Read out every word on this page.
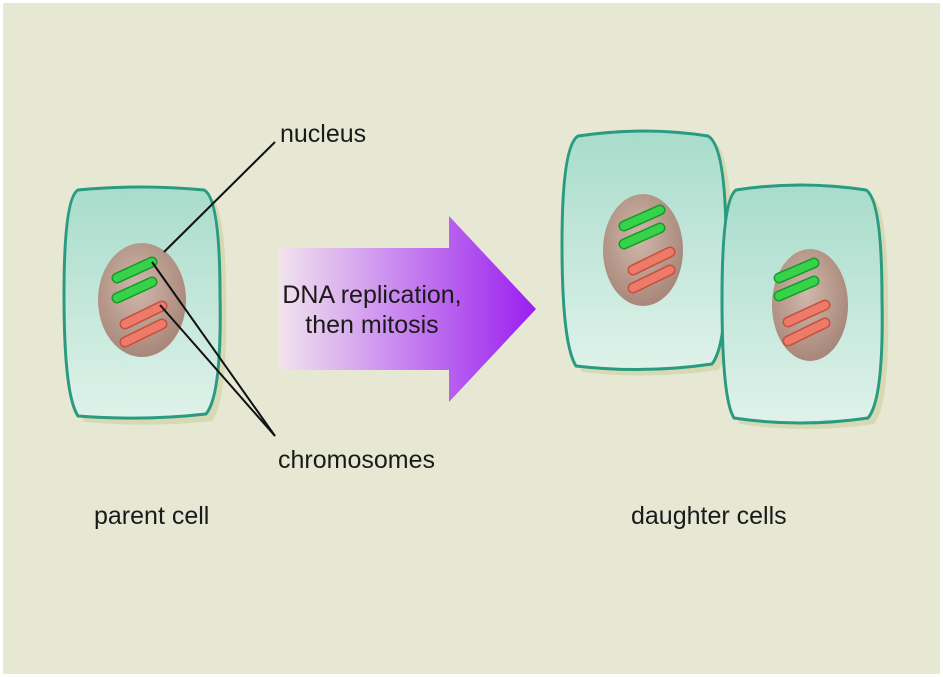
nucleus
chromosomes
DNA replication,
then mitosis
parent cell	daughter cells
